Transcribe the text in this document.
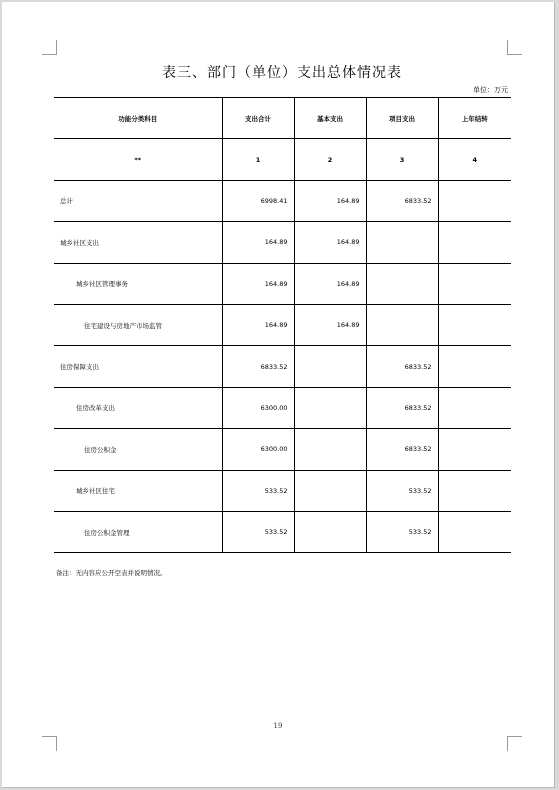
表三、部门（单位）支出总体情况表
单位：万元
功能分类科目	支出合计	基本支出	项目支出	上年结转
**	1	2	3	4
总计	6998.41	164.89	6833.52	
城乡社区支出	164.89	164.89		
城乡社区管理事务	164.89	164.89		
住宅建设与房地产市场监管	164.89	164.89		
住房保障支出	6833.52		6833.52	
住房改革支出	6300.00		6833.52	
住房公积金	6300.00		6833.52	
城乡社区住宅	533.52		533.52	
住房公积金管理	533.52		533.52	
备注：无内容应公开空表并说明情况。
19
